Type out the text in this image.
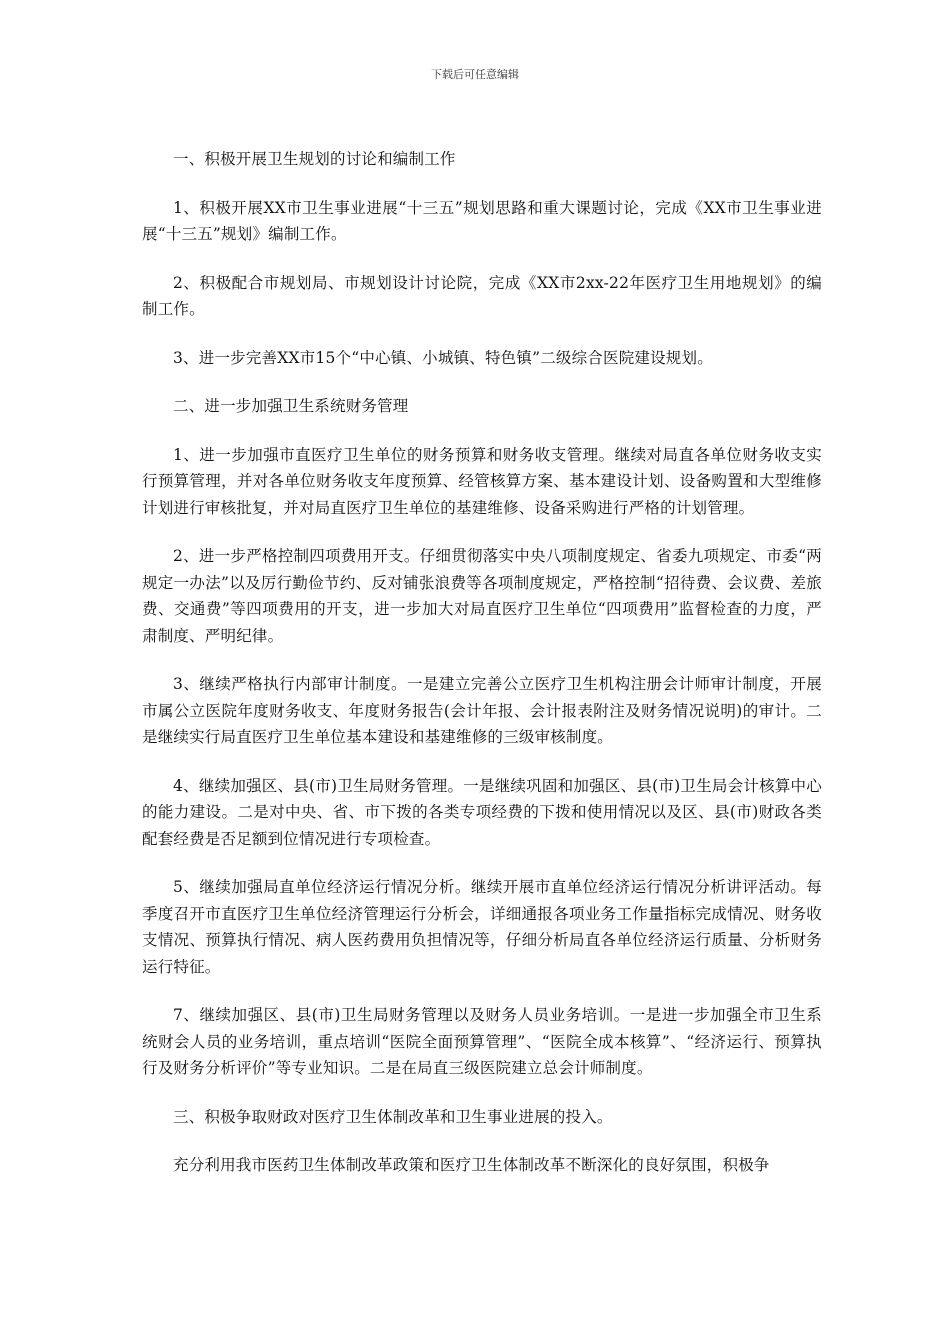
下载后可任意编辑

一、积极开展卫生规划的讨论和编制工作

1、积极开展XX市卫生事业进展“十三五”规划思路和重大课题讨论，完成《XX市卫生事业进展“十三五”规划》编制工作。

2、积极配合市规划局、市规划设计讨论院，完成《XX市2xx-22年医疗卫生用地规划》的编制工作。

3、进一步完善XX市15个“中心镇、小城镇、特色镇”二级综合医院建设规划。

二、进一步加强卫生系统财务管理

1、进一步加强市直医疗卫生单位的财务预算和财务收支管理。继续对局直各单位财务收支实行预算管理，并对各单位财务收支年度预算、经管核算方案、基本建设计划、设备购置和大型维修计划进行审核批复，并对局直医疗卫生单位的基建维修、设备采购进行严格的计划管理。

2、进一步严格控制四项费用开支。仔细贯彻落实中央八项制度规定、省委九项规定、市委“两规定一办法”以及厉行勤俭节约、反对铺张浪费等各项制度规定，严格控制“招待费、会议费、差旅费、交通费”等四项费用的开支，进一步加大对局直医疗卫生单位“四项费用”监督检查的力度，严肃制度、严明纪律。

3、继续严格执行内部审计制度。一是建立完善公立医疗卫生机构注册会计师审计制度，开展市属公立医院年度财务收支、年度财务报告(会计年报、会计报表附注及财务情况说明)的审计。二是继续实行局直医疗卫生单位基本建设和基建维修的三级审核制度。

4、继续加强区、县(市)卫生局财务管理。一是继续巩固和加强区、县(市)卫生局会计核算中心的能力建设。二是对中央、省、市下拨的各类专项经费的下拨和使用情况以及区、县(市)财政各类配套经费是否足额到位情况进行专项检查。

5、继续加强局直单位经济运行情况分析。继续开展市直单位经济运行情况分析讲评活动。每季度召开市直医疗卫生单位经济管理运行分析会，详细通报各项业务工作量指标完成情况、财务收支情况、预算执行情况、病人医药费用负担情况等，仔细分析局直各单位经济运行质量、分析财务运行特征。

7、继续加强区、县(市)卫生局财务管理以及财务人员业务培训。一是进一步加强全市卫生系统财会人员的业务培训，重点培训“医院全面预算管理”、“医院全成本核算”、“经济运行、预算执行及财务分析评价”等专业知识。二是在局直三级医院建立总会计师制度。

三、积极争取财政对医疗卫生体制改革和卫生事业进展的投入。

充分利用我市医药卫生体制改革政策和医疗卫生体制改革不断深化的良好氛围，积极争
